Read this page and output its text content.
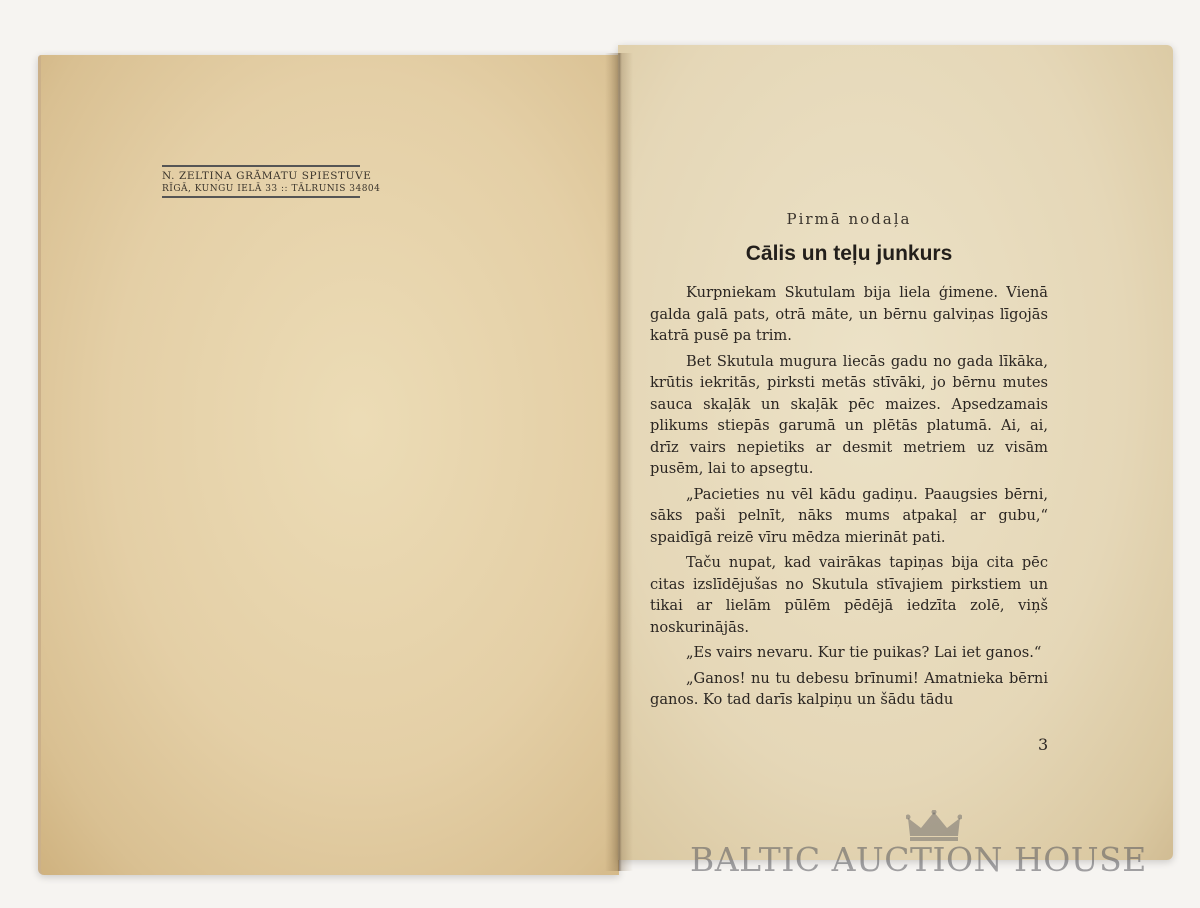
N. ZELTIŅA GRĀMATU SPIESTUVE
RĪGĀ, KUNGU IELĀ 33 :: TĀLRUNIS 34804
Pirmā nodaļa
Cālis un teļu junkurs

Kurpniekam Skutulam bija liela ģimene. Vienā galda galā pats, otrā māte, un bērnu galviņas līgojās katrā pusē pa trim.

Bet Skutula mugura liecās gadu no gada līkāka, krūtis iekritās, pirksti metās stīvāki, jo bērnu mutes sauca skaļāk un skaļāk pēc maizes. Apsedzamais plikums stiepās garumā un plētās platumā. Ai, ai, drīz vairs nepietiks ar desmit metriem uz visām pusēm, lai to apsegtu.

„Pacieties nu vēl kādu gadiņu. Paaugsies bērni, sāks paši pelnīt, nāks mums atpakaļ ar gubu,“ spaidīgā reizē vīru mēdza mierināt pati.

Taču nupat, kad vairākas tapiņas bija cita pēc citas izslīdējušas no Skutula stīvajiem pirkstiem un tikai ar lielām pūlēm pēdējā iedzīta zolē, viņš noskurinājās.

„Es vairs nevaru. Kur tie puikas? Lai iet ganos.“

„Ganos! nu tu debesu brīnumi! Amatnieka bērni ganos. Ko tad darīs kalpiņu un šādu tādu

3
BALTIC AUCTION HOUSE
